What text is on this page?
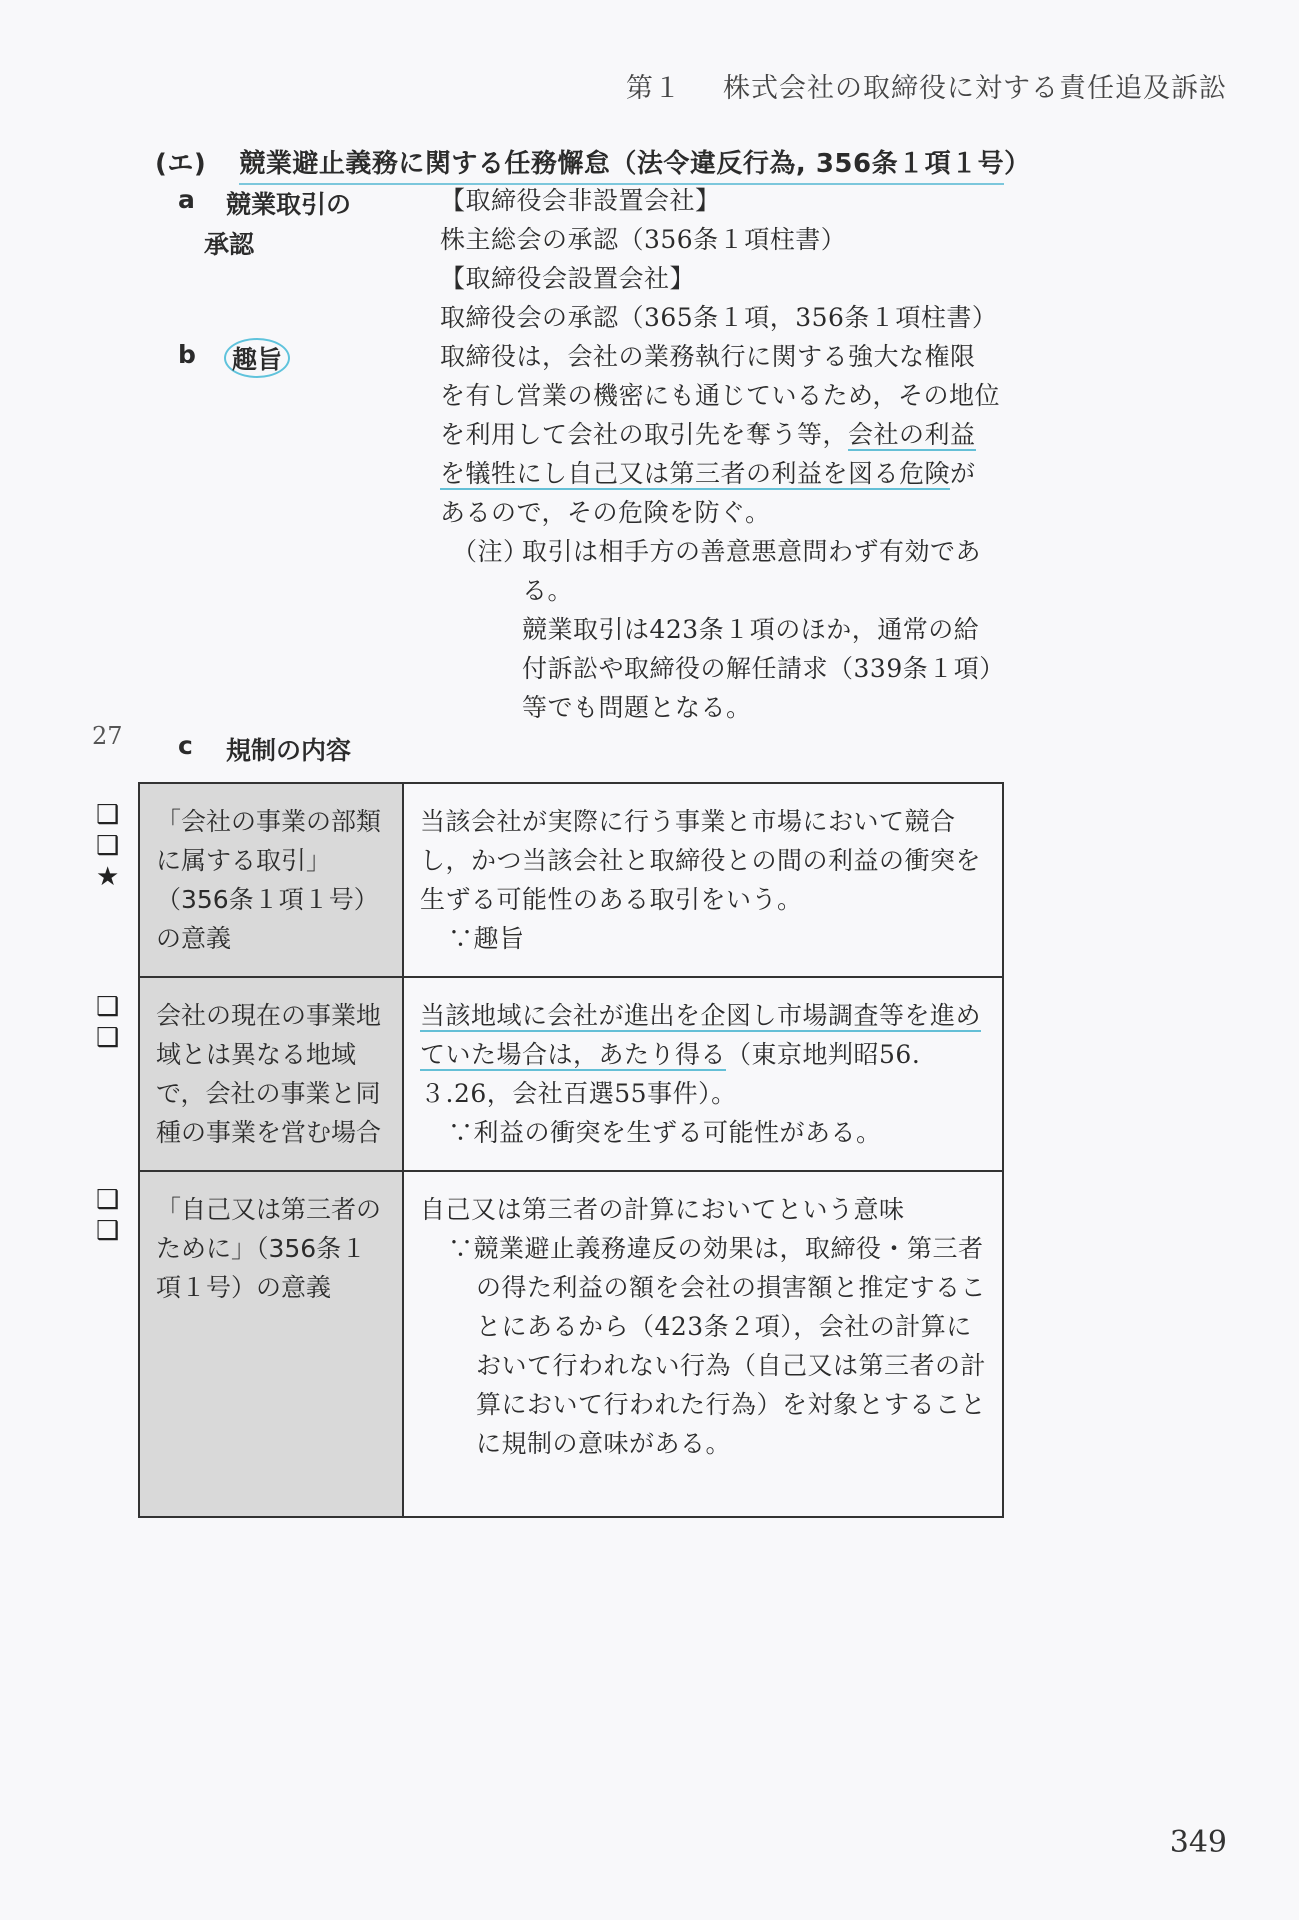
第１ 株式会社の取締役に対する責任追及訴訟
(エ) 競業避止義務に関する任務懈怠（法令違反行為, 356条１項１号）
a 競業取引の
承認
【取締役会非設置会社】
株主総会の承認（356条１項柱書）
【取締役会設置会社】
取締役会の承認（365条１項，356条１項柱書）
b 趣旨	取締役は，会社の業務執行に関する強大な権限を有し営業の機密にも通じているため，その地位を利用して会社の取引先を奪う等，会社の利益を犠牲にし自己又は第三者の利益を図る危険があるので，その危険を防ぐ。
（注）
取引は相手方の善意悪意問わず有効である。
競業取引は423条１項のほか，通常の給付訴訟や取締役の解任請求（339条１項）等でも問題となる。
27 c 規制の内容
❑
❑
★
❑
❑
❑
❑
「会社の事業の部類に属する取引」（356条１項１号）の意義	当該会社が実際に行う事業と市場において競合し，かつ当該会社と取締役との間の利益の衝突を生ずる可能性のある取引をいう。
∵趣旨

会社の現在の事業地域とは異なる地域で，会社の事業と同種の事業を営む場合	当該地域に会社が進出を企図し市場調査等を進めていた場合は，あたり得る（東京地判昭56.３.26，会社百選55事件）。
∵利益の衝突を生ずる可能性がある。

「自己又は第三者のために」（356条１項１号）の意義	自己又は第三者の計算においてという意味
∵競業避止義務違反の効果は，取締役・第三者の得た利益の額を会社の損害額と推定することにあるから（423条２項），会社の計算において行われない行為（自己又は第三者の計算において行われた行為）を対象とすることに規制の意味がある。
349
